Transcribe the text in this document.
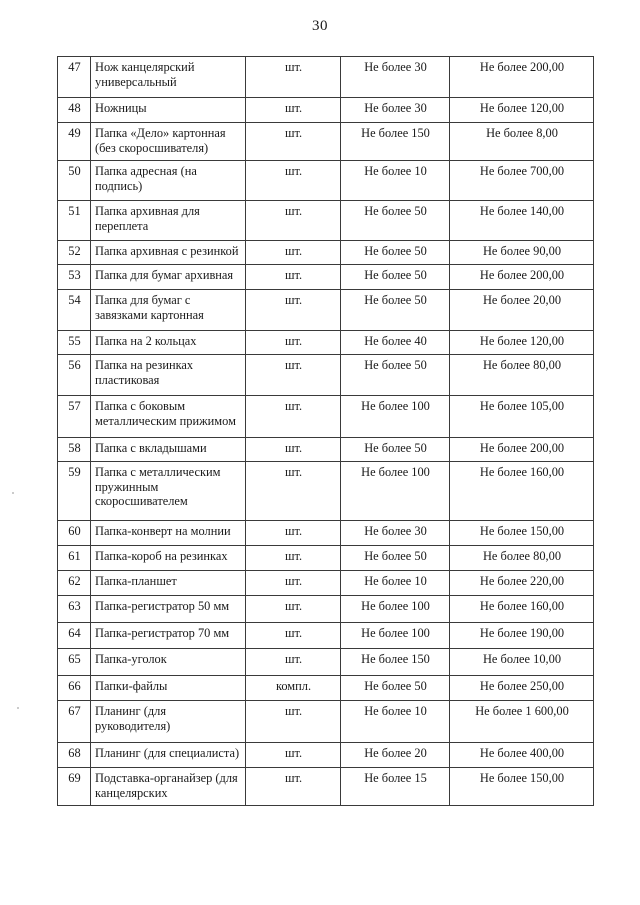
30
47	Нож канцелярский универсальный	шт.	Не более 30	Не более 200,00
48	Ножницы	шт.	Не более 30	Не более 120,00
49	Папка «Дело» картонная (без скоросшивателя)	шт.	Не более 150	Не более 8,00
50	Папка адресная (на подпись)	шт.	Не более 10	Не более 700,00
51	Папка архивная для переплета	шт.	Не более 50	Не более 140,00
52	Папка архивная с резинкой	шт.	Не более 50	Не более 90,00
53	Папка для бумаг архивная	шт.	Не более 50	Не более 200,00
54	Папка для бумаг с завязками картонная	шт.	Не более 50	Не более 20,00
55	Папка на 2 кольцах	шт.	Не более 40	Не более 120,00
56	Папка на резинках пластиковая	шт.	Не более 50	Не более 80,00
57	Папка с боковым металлическим прижимом	шт.	Не более 100	Не более 105,00
58	Папка с вкладышами	шт.	Не более 50	Не более 200,00
59	Папка с металлическим пружинным скоросшивателем	шт.	Не более 100	Не более 160,00
60	Папка-конверт на молнии	шт.	Не более 30	Не более 150,00
61	Папка-короб на резинках	шт.	Не более 50	Не более 80,00
62	Папка-планшет	шт.	Не более 10	Не более 220,00
63	Папка-регистратор 50 мм	шт.	Не более 100	Не более 160,00
64	Папка-регистратор 70 мм	шт.	Не более 100	Не более 190,00
65	Папка-уголок	шт.	Не более 150	Не более 10,00
66	Папки-файлы	компл.	Не более 50	Не более 250,00
67	Планинг (для руководителя)	шт.	Не более 10	Не более 1 600,00
68	Планинг (для специалиста)	шт.	Не более 20	Не более 400,00
69	Подставка-органайзер (для канцелярских	шт.	Не более 15	Не более 150,00
